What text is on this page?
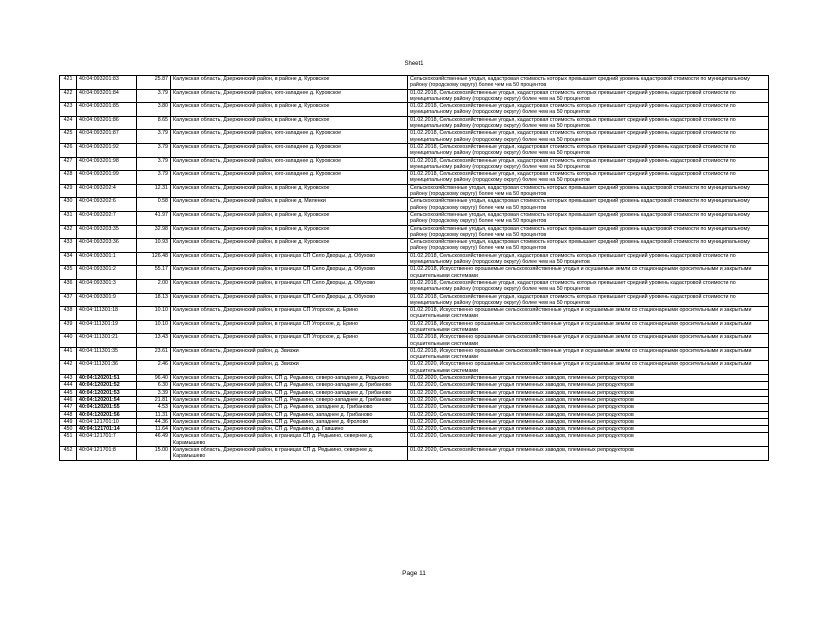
Sheet1
421	40:04:093201:83	25.87	Калужская область, Дзержинский район, в районе д. Куровское	Сельскохозяйственные угодья, кадастровая стоимость которых превышает средний уровень кадастровой стоимости по муниципальному району (городскому округу) более чем на 50 процентов
422	40:04:093201:84	3.79	Калужская область, Дзержинский район, юго-западнее д. Куровское	01.02.2018, Сельскохозяйственные угодья, кадастровая стоимость которых превышает средний уровень кадастровой стоимости по муниципальному району (городскому округу) более чем на 50 процентов
423	40:04:093201:85	3.80	Калужская область, Дзержинский район, в районе д. Куровское	01.02.2018, Сельскохозяйственные угодья, кадастровая стоимость которых превышает средний уровень кадастровой стоимости по муниципальному району (городскому округу) более чем на 50 процентов
424	40:04:093201:86	8.65	Калужская область, Дзержинский район, в районе д. Куровское	01.02.2018, Сельскохозяйственные угодья, кадастровая стоимость которых превышает средний уровень кадастровой стоимости по муниципальному району (городскому округу) более чем на 50 процентов
425	40:04:093201:87	3.79	Калужская область, Дзержинский район, юго-западнее д. Куровское	01.02.2018, Сельскохозяйственные угодья, кадастровая стоимость которых превышает средний уровень кадастровой стоимости по муниципальному району (городскому округу) более чем на 50 процентов
426	40:04:093201:92	3.79	Калужская область, Дзержинский район, юго-западнее д. Куровское	01.02.2018, Сельскохозяйственные угодья, кадастровая стоимость которых превышает средний уровень кадастровой стоимости по муниципальному району (городскому округу) более чем на 50 процентов
427	40:04:093201:98	3.79	Калужская область, Дзержинский район, юго-западнее д. Куровское	01.02.2018, Сельскохозяйственные угодья, кадастровая стоимость которых превышает средний уровень кадастровой стоимости по муниципальному району (городскому округу) более чем на 50 процентов
428	40:04:093201:99	3.79	Калужская область, Дзержинский район, юго-западнее д. Куровское	01.02.2018, Сельскохозяйственные угодья, кадастровая стоимость которых превышает средний уровень кадастровой стоимости по муниципальному району (городскому округу) более чем на 50 процентов
429	40:04:093202:4	12.31	Калужская область, Дзержинский район, в районе д. Куровское	Сельскохозяйственные угодья, кадастровая стоимость которых превышает средний уровень кадастровой стоимости по муниципальному району (городскому округу) более чем на 50 процентов
430	40:04:093202:6	0.58	Калужская область, Дзержинский район, в районе д. Миленки	Сельскохозяйственные угодья, кадастровая стоимость которых превышает средний уровень кадастровой стоимости по муниципальному району (городскому округу) более чем на 50 процентов
431	40:04:093202:7	41.97	Калужская область, Дзержинский район, в районе д. Куровское	Сельскохозяйственные угодья, кадастровая стоимость которых превышает средний уровень кадастровой стоимости по муниципальному району (городскому округу) более чем на 50 процентов
432	40:04:093203:35	32.98	Калужская область, Дзержинский район, в районе д. Куровское	Сельскохозяйственные угодья, кадастровая стоимость которых превышает средний уровень кадастровой стоимости по муниципальному району (городскому округу) более чем на 50 процентов
433	40:04:093203:36	10.93	Калужская область, Дзержинский район, в районе д. Куровское	Сельскохозяйственные угодья, кадастровая стоимость которых превышает средний уровень кадастровой стоимости по муниципальному району (городскому округу) более чем на 50 процентов
434	40:04:093301:1	126.48	Калужская область, Дзержинский район, в границах СП Село Дворцы, д. Обухово	01.02.2018, Сельскохозяйственные угодья, кадастровая стоимость которых превышает средний уровень кадастровой стоимости по муниципальному району (городскому округу) более чем на 50 процентов
435	40:04:093301:2	55.17	Калужская область, Дзержинский район, в границах СП Село Дворцы, д. Обухово	01.02.2018, Искусственно орошаемые сельскохозяйственные угодья и осушаемые земли со стационарными оросительными и закрытыми осушительными системами
436	40:04:093301:3	2.00	Калужская область, Дзержинский район, в границах СП Село Дворцы, д. Обухово	01.02.2018, Сельскохозяйственные угодья, кадастровая стоимость которых превышает средний уровень кадастровой стоимости по муниципальному району (городскому округу) более чем на 50 процентов
437	40:04:093301:9	18.13	Калужская область, Дзержинский район, в границах СП Село Дворцы, д. Обухово	01.02.2018, Сельскохозяйственные угодья, кадастровая стоимость которых превышает средний уровень кадастровой стоимости по муниципальному району (городскому округу) более чем на 50 процентов
438	40:04:111301:18	10.10	Калужская область, Дзержинский район, в границах СП Угорское, д. Ерино	01.02.2018, Искусственно орошаемые сельскохозяйственные угодья и осушаемые земли со стационарными оросительными и закрытыми осушительными системами
439	40:04:111301:19	10.10	Калужская область, Дзержинский район, в границах СП Угорское, д. Ерино	01.02.2018, Искусственно орошаемые сельскохозяйственные угодья и осушаемые земли со стационарными оросительными и закрытыми осушительными системами
440	40:04:111301:21	13.43	Калужская область, Дзержинский район, в границах СП Угорское, д. Ерино	01.02.2018, Искусственно орошаемые сельскохозяйственные угодья и осушаемые земли со стационарными оросительными и закрытыми осушительными системами
441	40:04:111301:35	23.61	Калужская область, Дзержинский район, д. Звизжи	01.02.2018, Искусственно орошаемые сельскохозяйственные угодья и осушаемые земли со стационарными оросительными и закрытыми осушительными системами
442	40:04:111301:36	2.46	Калужская область, Дзержинский район, д. Звизжи	01.02.2020, Искусственно орошаемые сельскохозяйственные угодья и осушаемые земли со стационарными оросительными и закрытыми осушительными системами
443	40:04:120201:51	96.40	Калужская область, Дзержинский район, СП д. Редькино, северо-западнее д. Редькино	01.02.2020, Сельскохозяйственные угодья племенных заводов, племенных репродукторов
444	40:04:120201:52	6.30	Калужская область, Дзержинский район, СП д. Редькино, северо-западнее д. Грибаново	01.02.2020, Сельскохозяйственные угодья племенных заводов, племенных репродукторов
445	40:04:120201:53	3.39	Калужская область, Дзержинский район, СП д. Редькино, северо-западнее д. Грибаново	01.02.2020, Сельскохозяйственные угодья племенных заводов, племенных репродукторов
446	40:04:120201:54	21.81	Калужская область, Дзержинский район, СП д. Редькино, северо-западнее д. Грибаново	01.02.2020, Сельскохозяйственные угодья племенных заводов, племенных репродукторов
447	40:04:120201:55	4.53	Калужская область, Дзержинский район, СП д. Редькино, западнее д. Грибаново	01.02.2020, Сельскохозяйственные угодья племенных заводов, племенных репродукторов
448	40:04:120201:56	11.31	Калужская область, Дзержинский район, СП д. Редькино, западнее д. Грибаново	01.02.2020, Сельскохозяйственные угодья племенных заводов, племенных репродукторов
449	40:04:121701:10	44.36	Калужская область, Дзержинский район, СП д. Редькино, западнее д. Фролово	01.02.2020, Сельскохозяйственные угодья племенных заводов, племенных репродукторов
450	40:04:121701:14	11.64	Калужская область, Дзержинский район, СП д. Редькино, д. Гавшино	01.02.2020, Сельскохозяйственные угодья племенных заводов, племенных репродукторов
451	40:04:121701:7	46.49	Калужская область, Дзержинский район, в границах СП д. Редькино, севернее д. Карамышево	01.02.2020, Сельскохозяйственные угодья племенных заводов, племенных репродукторов
452	40:04:121701:8	15.00	Калужская область, Дзержинский район, в границах СП д. Редькино, севернее д. Карамышево	01.02.2020, Сельскохозяйственные угодья племенных заводов, племенных репродукторов
Page 11
